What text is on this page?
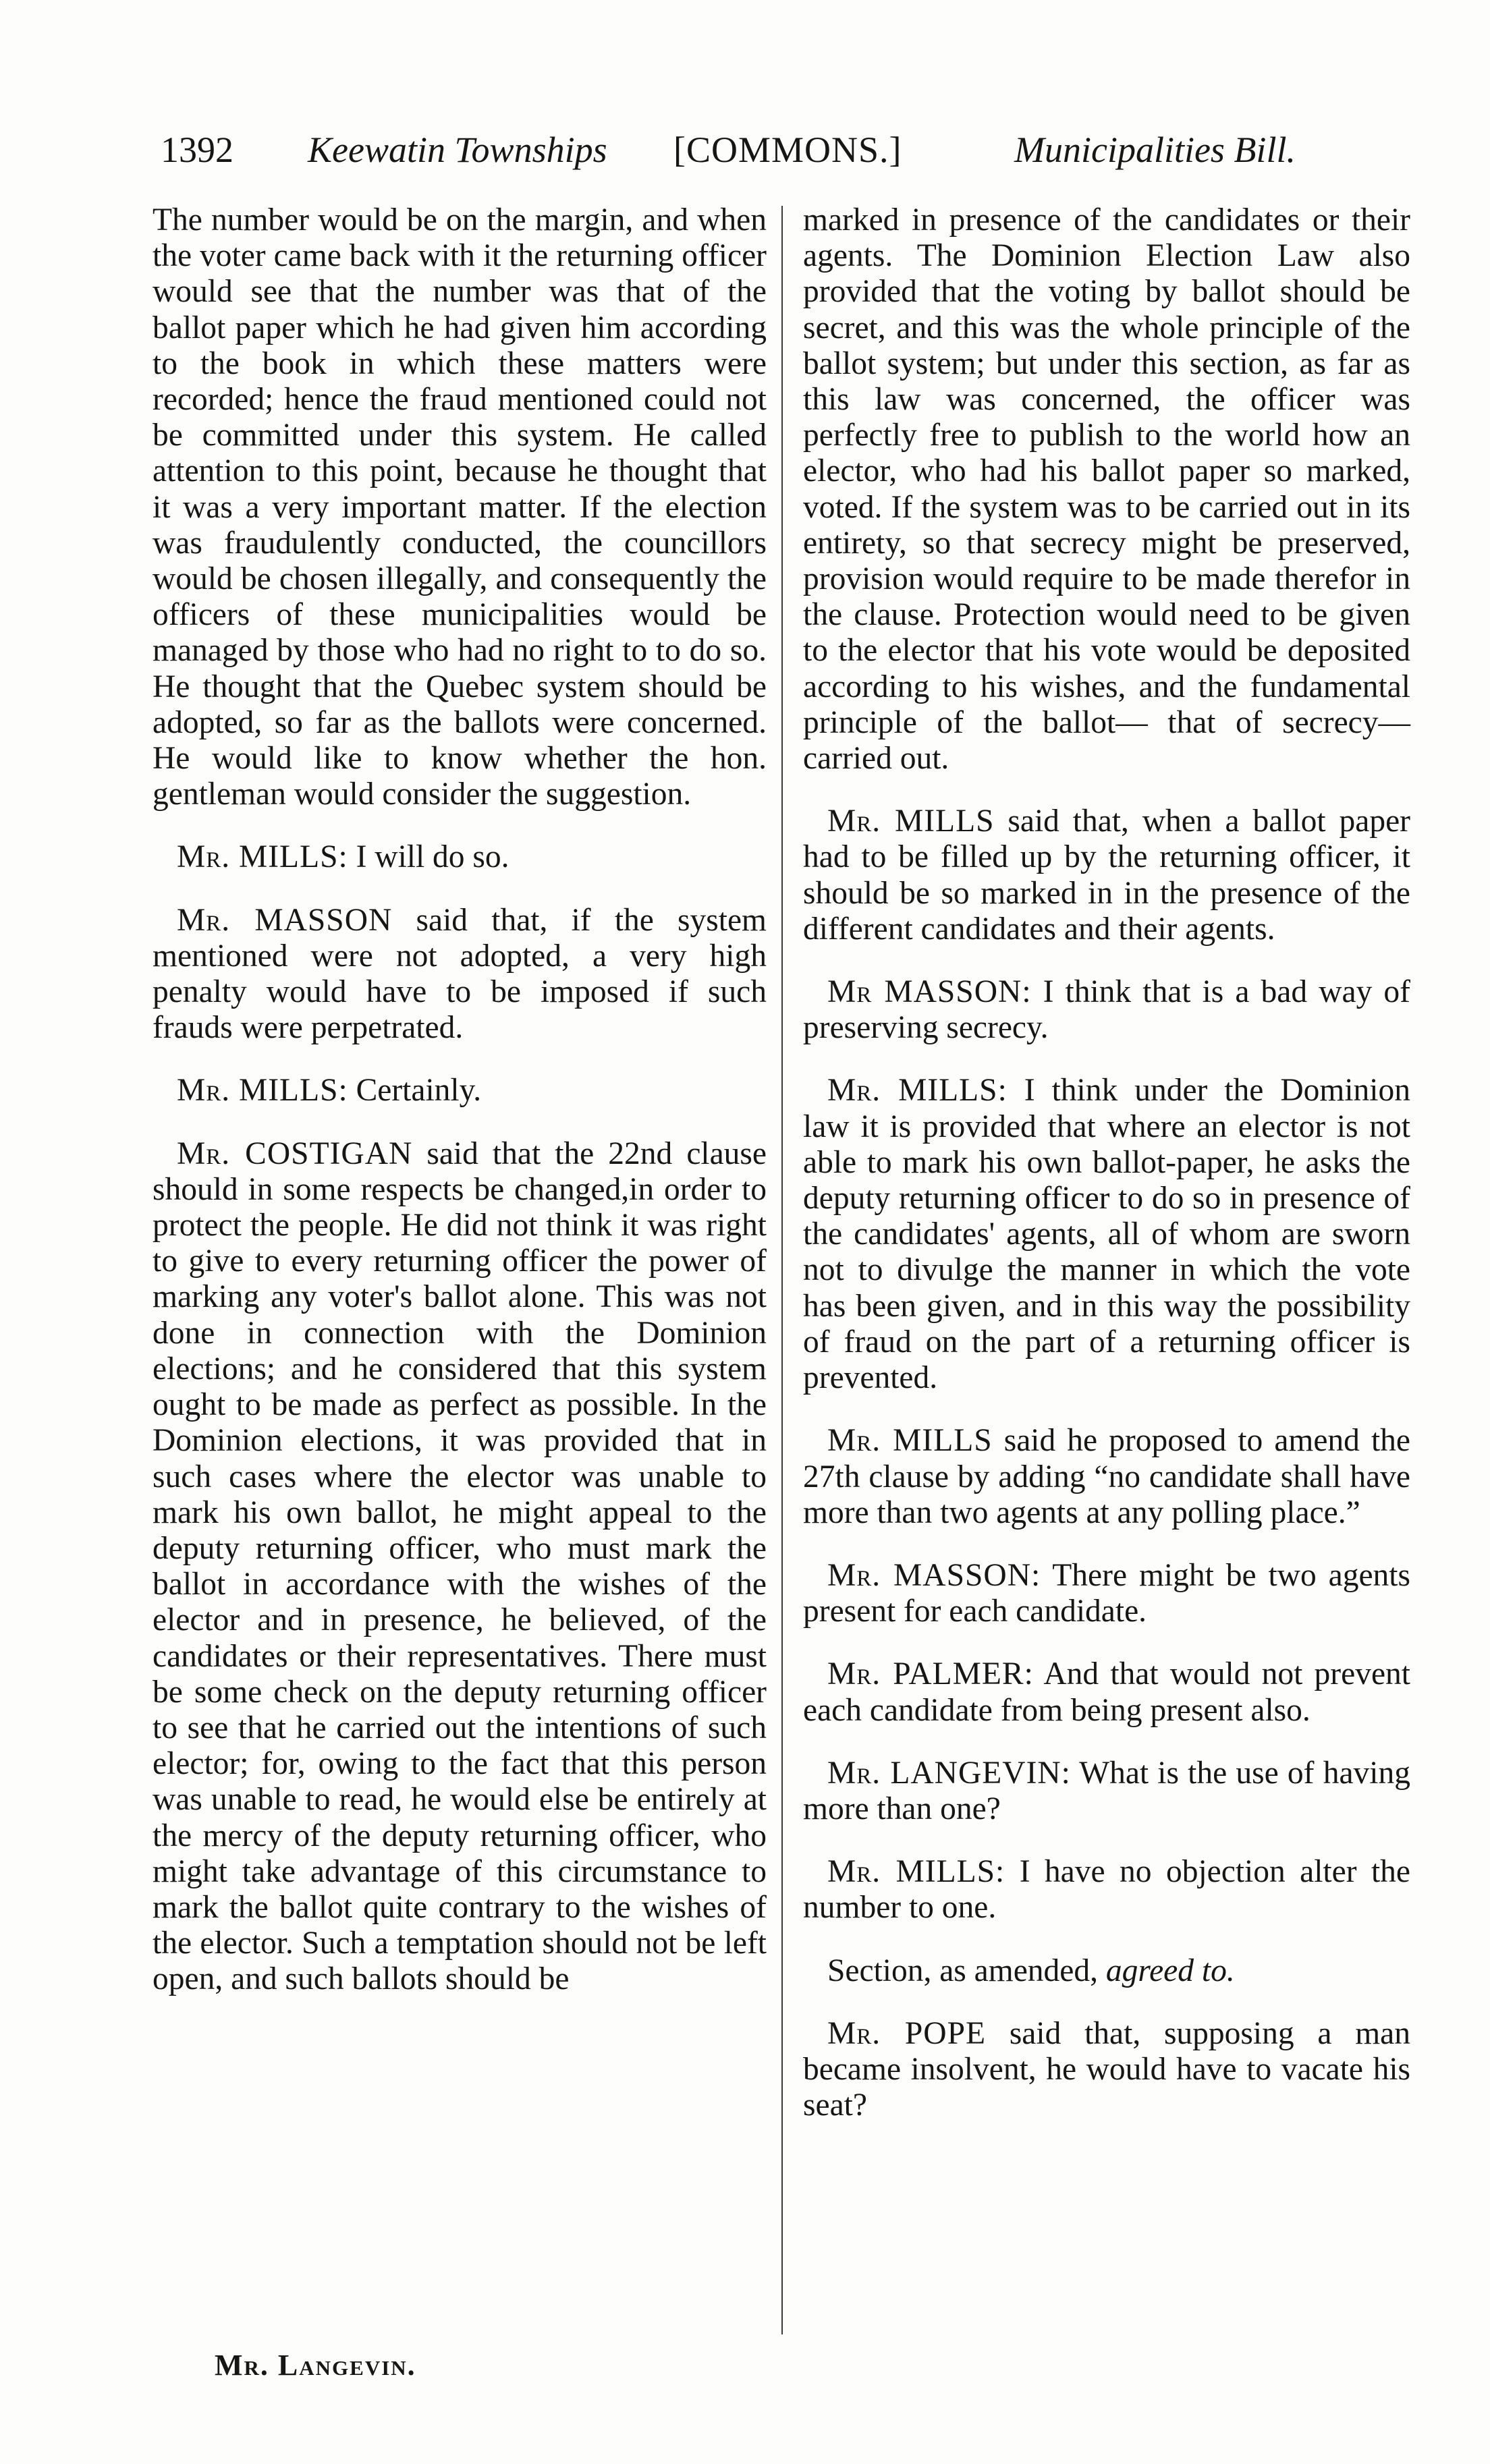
1392 Keewatin Townships [COMMONS.]	Municipalities Bill.

The number would be on the margin, and when the voter came back with it the returning officer would see that the number was that of the ballot paper which he had given him according to the book in which these matters were recorded; hence the fraud mentioned could not be committed under this system. He called attention to this point, because he thought that it was a very important matter. If the election was fraudulently conducted, the councillors would be chosen illegally, and consequently the officers of these municipalities would be managed by those who had no right to to do so. He thought that the Quebec system should be adopted, so far as the ballots were concerned. He would like to know whether the hon. gentleman would consider the suggestion.

Mr. MILLS: I will do so.

Mr. MASSON said that, if the system mentioned were not adopted, a very high penalty would have to be imposed if such frauds were perpetrated.

Mr. MILLS: Certainly.

Mr. COSTIGAN said that the 22nd clause should in some respects be changed,in order to protect the people. He did not think it was right to give to every returning officer the power of marking any voter's ballot alone. This was not done in connection with the Dominion elections; and he considered that this system ought to be made as perfect as possible. In the Dominion elections, it was provided that in such cases where the elector was unable to mark his own ballot, he might appeal to the deputy returning officer, who must mark the ballot in accordance with the wishes of the elector and in presence, he believed, of the candidates or their representatives. There must be some check on the deputy returning officer to see that he carried out the intentions of such elector; for, owing to the fact that this person was unable to read, he would else be entirely at the mercy of the deputy returning officer, who might take advantage of this circumstance to mark the ballot quite contrary to the wishes of the elector. Such a temptation should not be left open, and such ballots should be

marked in presence of the candidates or their agents. The Dominion Election Law also provided that the voting by ballot should be secret, and this was the whole principle of the ballot system; but under this section, as far as this law was concerned, the officer was perfectly free to publish to the world how an elector, who had his ballot paper so marked, voted. If the system was to be carried out in its entirety, so that secrecy might be preserved, provision would require to be made therefor in the clause. Protection would need to be given to the elector that his vote would be deposited according to his wishes, and the fundamental principle of the ballot— that of secrecy—carried out.

Mr. MILLS said that, when a ballot paper had to be filled up by the returning officer, it should be so marked in in the presence of the different candidates and their agents.

Mr MASSON: I think that is a bad way of preserving secrecy.

Mr. MILLS: I think under the Dominion law it is provided that where an elector is not able to mark his own ballot-paper, he asks the deputy returning officer to do so in presence of the candidates' agents, all of whom are sworn not to divulge the manner in which the vote has been given, and in this way the possibility of fraud on the part of a returning officer is prevented.

Mr. MILLS said he proposed to amend the 27th clause by adding “no candidate shall have more than two agents at any polling place.”

Mr. MASSON: There might be two agents present for each candidate.

Mr. PALMER: And that would not prevent each candidate from being present also.

Mr. LANGEVIN: What is the use of having more than one?

Mr. MILLS: I have no objection alter the number to one.

Section, as amended, agreed to.

Mr. POPE said that, supposing a man became insolvent, he would have to vacate his seat?

Mr. Langevin.
